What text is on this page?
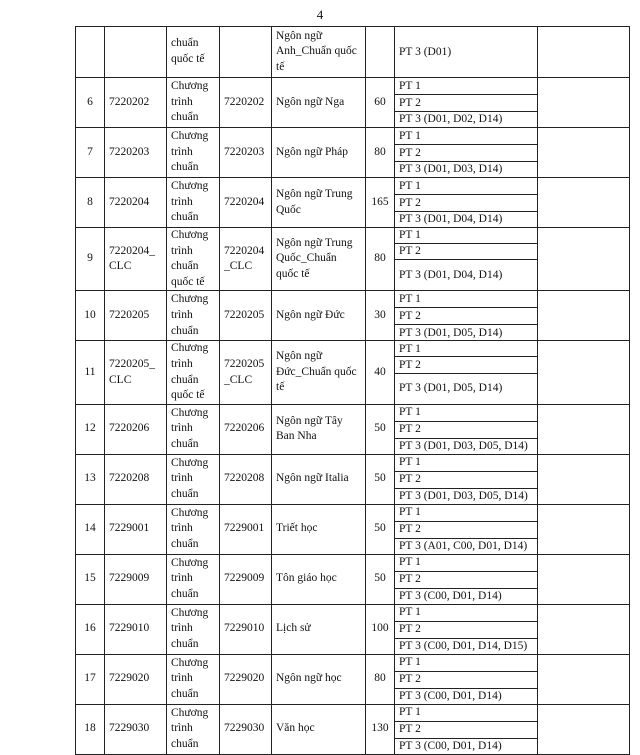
4
		chuẩn quốc tế		Ngôn ngữ Anh_Chuẩn quốc tế		PT 3 (D01)	
6	7220202	Chương trình chuẩn	7220202	Ngôn ngữ Nga	60	PT 1	
						PT 2	
						PT 3 (D01, D02, D14)	
7	7220203	Chương trình chuẩn	7220203	Ngôn ngữ Pháp	80	PT 1	
						PT 2	
						PT 3 (D01, D03, D14)	
8	7220204	Chương trình chuẩn	7220204	Ngôn ngữ Trung Quốc	165	PT 1	
						PT 2	
						PT 3 (D01, D04, D14)	
9	7220204_ CLC	Chương trình chuẩn quốc tế	7220204 _CLC	Ngôn ngữ Trung Quốc_Chuẩn quốc tế	80	PT 1	
						PT 2	
						PT 3 (D01, D04, D14)	
10	7220205	Chương trình chuẩn	7220205	Ngôn ngữ Đức	30	PT 1	
						PT 2	
						PT 3 (D01, D05, D14)	
11	7220205_ CLC	Chương trình chuẩn quốc tế	7220205 _CLC	Ngôn ngữ Đức_Chuẩn quốc tế	40	PT 1	
						PT 2	
						PT 3 (D01, D05, D14)	
12	7220206	Chương trình chuẩn	7220206	Ngôn ngữ Tây Ban Nha	50	PT 1	
						PT 2	
						PT 3 (D01, D03, D05, D14)	
13	7220208	Chương trình chuẩn	7220208	Ngôn ngữ Italia	50	PT 1	
						PT 2	
						PT 3 (D01, D03, D05, D14)	
14	7229001	Chương trình chuẩn	7229001	Triết học	50	PT 1	
						PT 2	
						PT 3 (A01, C00, D01, D14)	
15	7229009	Chương trình chuẩn	7229009	Tôn giáo học	50	PT 1	
						PT 2	
						PT 3 (C00, D01, D14)	
16	7229010	Chương trình chuẩn	7229010	Lịch sử	100	PT 1	
						PT 2	
						PT 3 (C00, D01, D14, D15)	
17	7229020	Chương trình chuẩn	7229020	Ngôn ngữ học	80	PT 1	
						PT 2	
						PT 3 (C00, D01, D14)	
18	7229030	Chương trình chuẩn	7229030	Văn học	130	PT 1	
						PT 2	
						PT 3 (C00, D01, D14)	
